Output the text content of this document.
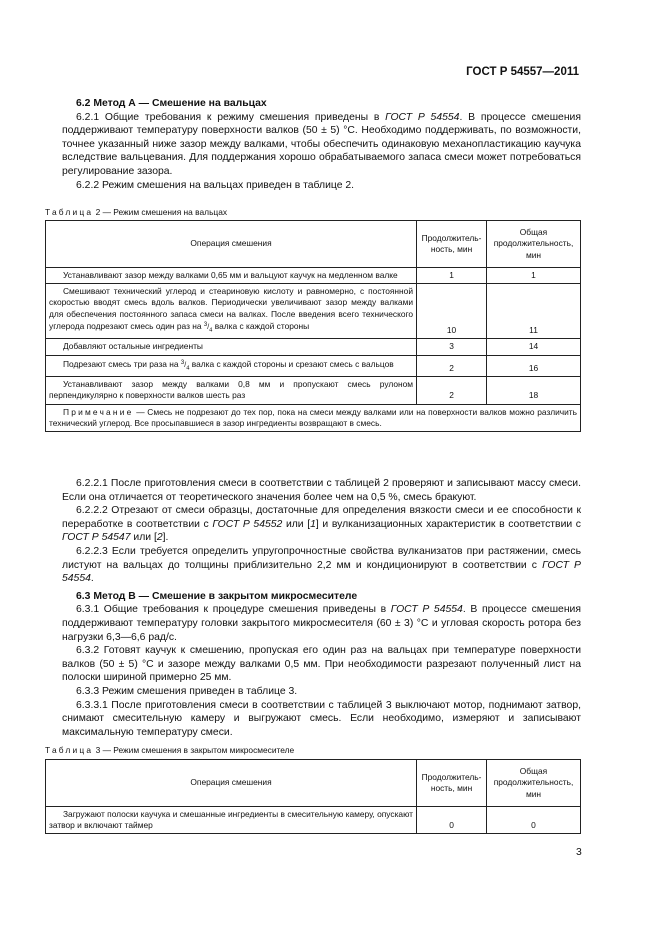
ГОСТ Р 54557—2011

6.2 Метод А — Смешение на вальцах

6.2.1 Общие требования к режиму смешения приведены в ГОСТ Р 54554. В процессе смешения поддерживают температуру поверхности валков (50 ± 5) °С. Необходимо поддерживать, по возможности, точнее указанный ниже зазор между валками, чтобы обеспечить одинаковую механопластикацию каучука вследствие вальцевания. Для поддержания хорошо обрабатываемого запаса смеси может потребоваться регулирование зазора.

6.2.2 Режим смешения на вальцах приведен в таблице 2.

Таблица 2 — Режим смешения на вальцах
Операция смешения	Продолжитель-ность, мин	Общая продолжительность, мин
Устанавливают зазор между валками 0,65 мм и вальцуют каучук на медленном валке	1	1
Смешивают технический углерод и стеариновую кислоту и равномерно, с постоянной скоростью вводят смесь вдоль валков. Периодически увеличивают зазор между валками для обеспечения постоянного запаса смеси на валках. После введения всего технического углерода подрезают смесь один раз на $^3/_4$ валка с каждой стороны	10	11
Добавляют остальные ингредиенты	3	14
Подрезают смесь три раза на $^3/_4$ валка с каждой стороны и срезают смесь с вальцов	2	16
Устанавливают зазор между валками 0,8 мм и пропускают смесь рулоном перпендикулярно к поверхности валков шесть раз	2	18
Примечание — Смесь не подрезают до тех пор, пока на смеси между валками или на поверхности валков можно различить технический углерод. Все просыпавшиеся в зазор ингредиенты возвращают в смесь.		

6.2.2.1 После приготовления смеси в соответствии с таблицей 2 проверяют и записывают массу смеси. Если она отличается от теоретического значения более чем на 0,5 %, смесь бракуют.

6.2.2.2 Отрезают от смеси образцы, достаточные для определения вязкости смеси и ее способности к переработке в соответствии с ГОСТ Р 54552 или [1] и вулканизационных характеристик в соответствии с ГОСТ Р 54547 или [2].

6.2.2.3 Если требуется определить упругопрочностные свойства вулканизатов при растяжении, смесь листуют на вальцах до толщины приблизительно 2,2 мм и кондиционируют в соответствии с ГОСТ Р 54554.

6.3 Метод В — Смешение в закрытом микросмесителе

6.3.1 Общие требования к процедуре смешения приведены в ГОСТ Р 54554. В процессе смешения поддерживают температуру головки закрытого микросмесителя (60 ± 3) °С и угловая скорость ротора без нагрузки 6,3—6,6 рад/с.

6.3.2 Готовят каучук к смешению, пропуская его один раз на вальцах при температуре поверхности валков (50 ± 5) °С и зазоре между валками 0,5 мм. При необходимости разрезают полученный лист на полоски шириной примерно 25 мм.

6.3.3 Режим смешения приведен в таблице 3.

6.3.3.1 После приготовления смеси в соответствии с таблицей 3 выключают мотор, поднимают затвор, снимают смесительную камеру и выгружают смесь. Если необходимо, измеряют и записывают максимальную температуру смеси.

Таблица 3 — Режим смешения в закрытом микросмесителе
Операция смешения	Продолжитель-ность, мин	Общая продолжительность, мин
Загружают полоски каучука и смешанные ингредиенты в смесительную камеру, опускают затвор и включают таймер	0	0
3
